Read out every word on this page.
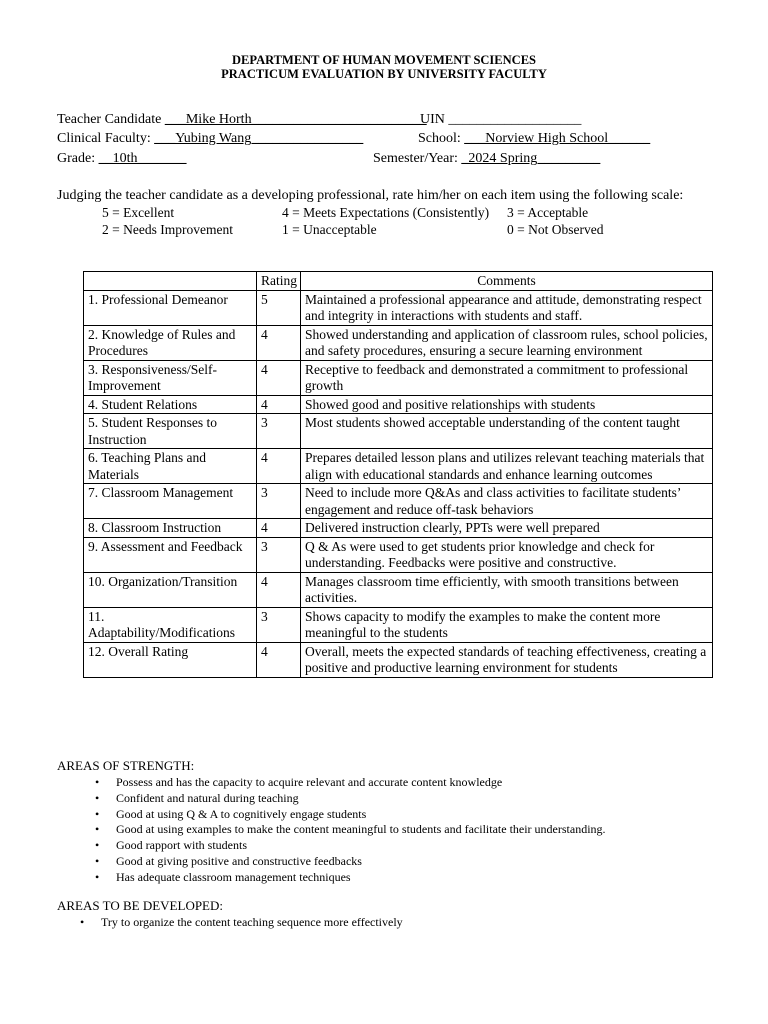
DEPARTMENT OF HUMAN MOVEMENT SCIENCES
PRACTICUM EVALUATION BY UNIVERSITY FACULTY
Teacher Candidate ___Mike Horth_________________________
UIN ___________________
Clinical Faculty: ___Yubing Wang________________	School: ___Norview High School______
Grade: __10th_______	Semester/Year: _2024 Spring_________
Judging the teacher candidate as a developing professional, rate him/her on each item using the following scale:
5 = Excellent	4 = Meets Expectations (Consistently) 3 = Acceptable
2 = Needs Improvement	1 = Unacceptable	0 = Not Observed
	Rating	Comments
1. Professional Demeanor	5	Maintained a professional appearance and attitude, demonstrating respect and integrity in interactions with students and staff.
2. Knowledge of Rules and Procedures	4	Showed understanding and application of classroom rules, school policies, and safety procedures, ensuring a secure learning environment
3. Responsiveness/Self-Improvement	4	Receptive to feedback and demonstrated a commitment to professional growth
4. Student Relations	4	Showed good and positive relationships with students
5. Student Responses to Instruction	3	Most students showed acceptable understanding of the content taught
6. Teaching Plans and Materials	4	Prepares detailed lesson plans and utilizes relevant teaching materials that align with educational standards and enhance learning outcomes
7. Classroom Management	3	Need to include more Q&As and class activities to facilitate students’ engagement and reduce off-task behaviors
8. Classroom Instruction	4	Delivered instruction clearly, PPTs were well prepared
9. Assessment and Feedback	3	Q & As were used to get students prior knowledge and check for understanding. Feedbacks were positive and constructive.
10. Organization/Transition	4	Manages classroom time efficiently, with smooth transitions between activities.
11. Adaptability/Modifications	3	Shows capacity to modify the examples to make the content more meaningful to the students
12. Overall Rating	4	Overall, meets the expected standards of teaching effectiveness, creating a positive and productive learning environment for students
AREAS OF STRENGTH:
• Possess and has the capacity to acquire relevant and accurate content knowledge
• Confident and natural during teaching
• Good at using Q & A to cognitively engage students
• Good at using examples to make the content meaningful to students and facilitate their understanding.
• Good rapport with students
• Good at giving positive and constructive feedbacks
• Has adequate classroom management techniques
AREAS TO BE DEVELOPED:
• Try to organize the content teaching sequence more effectively
